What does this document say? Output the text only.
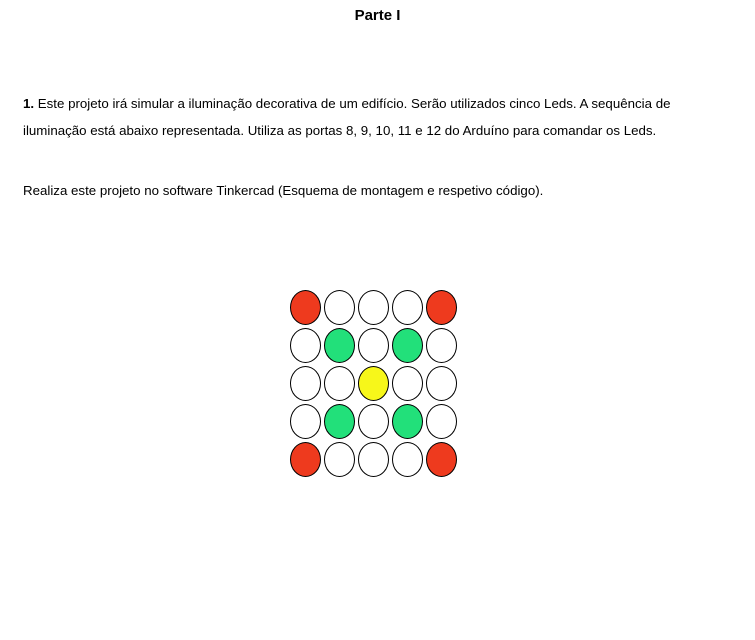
Parte I

1. Este projeto irá simular a iluminação decorativa de um edifício. Serão utilizados cinco Leds. A sequência de iluminação está abaixo representada. Utiliza as portas 8, 9, 10, 11 e 12 do Arduíno para comandar os Leds.

Realiza este projeto no software Tinkercad (Esquema de montagem e respetivo código).
